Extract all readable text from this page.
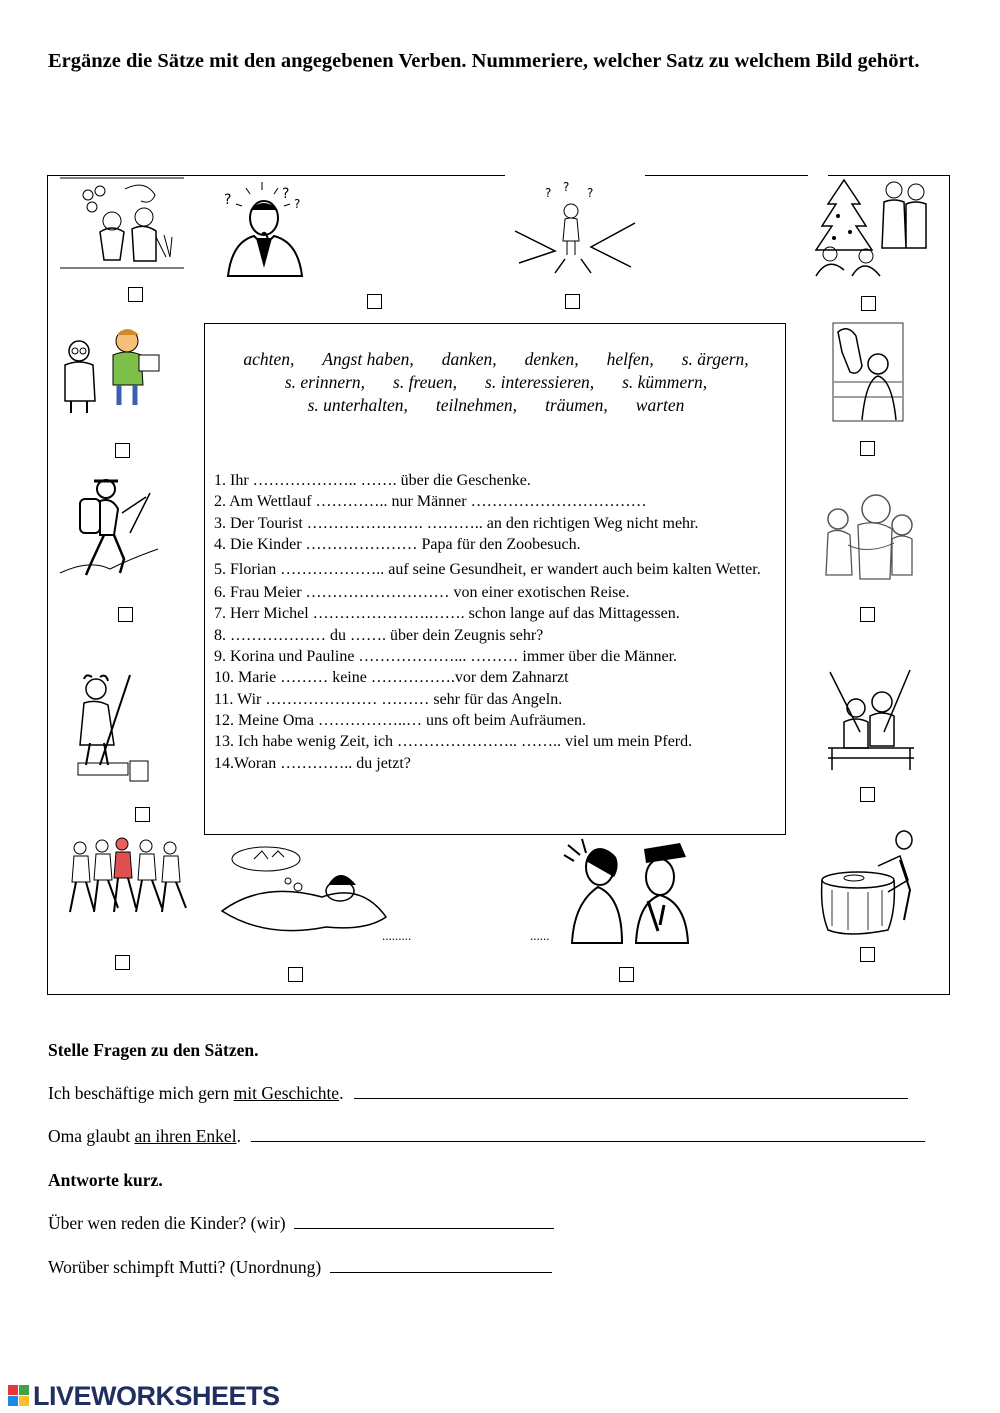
Ergänze die Sätze mit den angegebenen Verben. Nummeriere, welcher Satz zu welchem Bild gehört.
?	?
?
? ? ?
.........	......
achten, Angst haben, danken, denken, helfen, s. ärgern,
s. erinnern, s. freuen, s. interessieren, s. kümmern,
s. unterhalten, teilnehmen, träumen, warten
1. Ihr ……………….. ……. über die Geschenke.
2. Am Wettlauf ………….. nur Männer ……………………………
3. Der Tourist …………………. ……….. an den richtigen Weg nicht mehr.
4. Die Kinder ………………… Papa für den Zoobesuch.
5. Florian ……………….. auf seine Gesundheit, er wandert auch beim kalten Wetter.
6. Frau Meier ……………………… von einer exotischen Reise.
7. Herr Michel ………………….……. schon lange auf das Mittagessen.
8. ……………… du ……. über dein Zeugnis sehr?
9. Korina und Pauline ………………... ……… immer über die Männer.
10. Marie ……… keine …………….vor dem Zahnarzt
11. Wir ………………… ……… sehr für das Angeln.
12. Meine Oma ……………..… uns oft beim Aufräumen.
13. Ich habe wenig Zeit, ich ………………….. …….. viel um mein Pferd.
14.Woran ………….. du jetzt?
Stelle Fragen zu den Sätzen.
Ich beschäftige mich gern mit Geschichte.
Oma glaubt an ihren Enkel.
Antworte kurz.
Über wen reden die Kinder? (wir)
Worüber schimpft Mutti? (Unordnung)
LIVEWORKSHEETS
